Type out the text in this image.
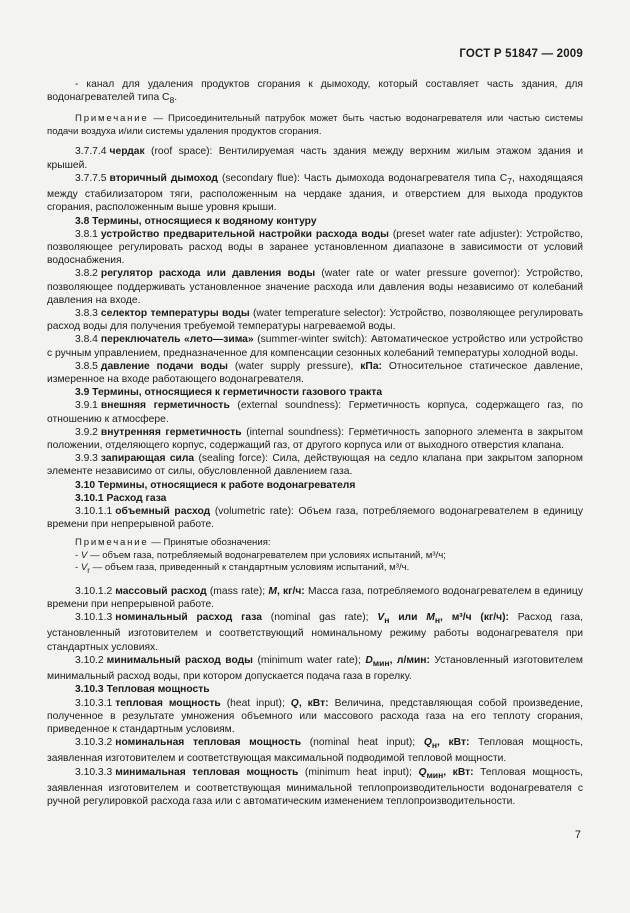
ГОСТ Р 51847 — 2009

- канал для удаления продуктов сгорания к дымоходу, который составляет часть здания, для водонагревателей типа $C_8$.

Примечание — Присоединительный патрубок может быть частью водонагревателя или частью системы подачи воздуха и/или системы удаления продуктов сгорания.

3.7.7.4 чердак (roof space): Вентилируемая часть здания между верхним жилым этажом здания и крышей.

3.7.7.5 вторичный дымоход (secondary flue): Часть дымохода водонагревателя типа $C_7$, находящаяся между стабилизатором тяги, расположенным на чердаке здания, и отверстием для выхода продуктов сгорания, расположенным выше уровня крыши.

3.8 Термины, относящиеся к водяному контуру

3.8.1 устройство предварительной настройки расхода воды (preset water rate adjuster): Устройство, позволяющее регулировать расход воды в заранее установленном диапазоне в зависимости от условий водоснабжения.

3.8.2 регулятор расхода или давления воды (water rate or water pressure governor): Устройство, позволяющее поддерживать установленное значение расхода или давления воды независимо от колебаний давления на входе.

3.8.3 селектор температуры воды (water temperature selector): Устройство, позволяющее регулировать расход воды для получения требуемой температуры нагреваемой воды.

3.8.4 переключатель «лето—зима» (summer-winter switch): Автоматическое устройство или устройство с ручным управлением, предназначенное для компенсации сезонных колебаний температуры холодной воды.

3.8.5 давление подачи воды (water supply pressure), кПа: Относительное статическое давление, измеренное на входе работающего водонагревателя.

3.9 Термины, относящиеся к герметичности газового тракта

3.9.1 внешняя герметичность (external soundness): Герметичность корпуса, содержащего газ, по отношению к атмосфере.

3.9.2 внутренняя герметичность (internal soundness): Герметичность запорного элемента в закрытом положении, отделяющего корпус, содержащий газ, от другого корпуса или от выходного отверстия клапана.

3.9.3 запирающая сила (sealing force): Сила, действующая на седло клапана при закрытом запорном элементе независимо от силы, обусловленной давлением газа.

3.10 Термины, относящиеся к работе водонагревателя

3.10.1 Расход газа

3.10.1.1 объемный расход (volumetric rate): Объем газа, потребляемого водонагревателем в единицу времени при непрерывной работе.

Примечание — Принятые обозначения:

- V — объем газа, потребляемый водонагревателем при условиях испытаний, м³/ч;

- $V_r$ — объем газа, приведенный к стандартным условиям испытаний, м³/ч.

3.10.1.2 массовый расход (mass rate); M, кг/ч: Масса газа, потребляемого водонагревателем в единицу времени при непрерывной работе.

3.10.1.3 номинальный расход газа (nominal gas rate); $V_н$ или $M_н$, м³/ч (кг/ч): Расход газа, установленный изготовителем и соответствующий номинальному режиму работы водонагревателя при стандартных условиях.

3.10.2 минимальный расход воды (minimum water rate); $D_{мин}$, л/мин: Установленный изготовителем минимальный расход воды, при котором допускается подача газа в горелку.

3.10.3 Тепловая мощность

3.10.3.1 тепловая мощность (heat input); Q, кВт: Величина, представляющая собой произведение, полученное в результате умножения объемного или массового расхода газа на его теплоту сгорания, приведенное к стандартным условиям.

3.10.3.2 номинальная тепловая мощность (nominal heat input); $Q_н$, кВт: Тепловая мощность, заявленная изготовителем и соответствующая максимальной подводимой тепловой мощности.

3.10.3.3 минимальная тепловая мощность (minimum heat input); $Q_{мин}$, кВт: Тепловая мощность, заявленная изготовителем и соответствующая минимальной теплопроизводительности водонагревателя с ручной регулировкой расхода газа или с автоматическим изменением теплопроизводительности.

7
